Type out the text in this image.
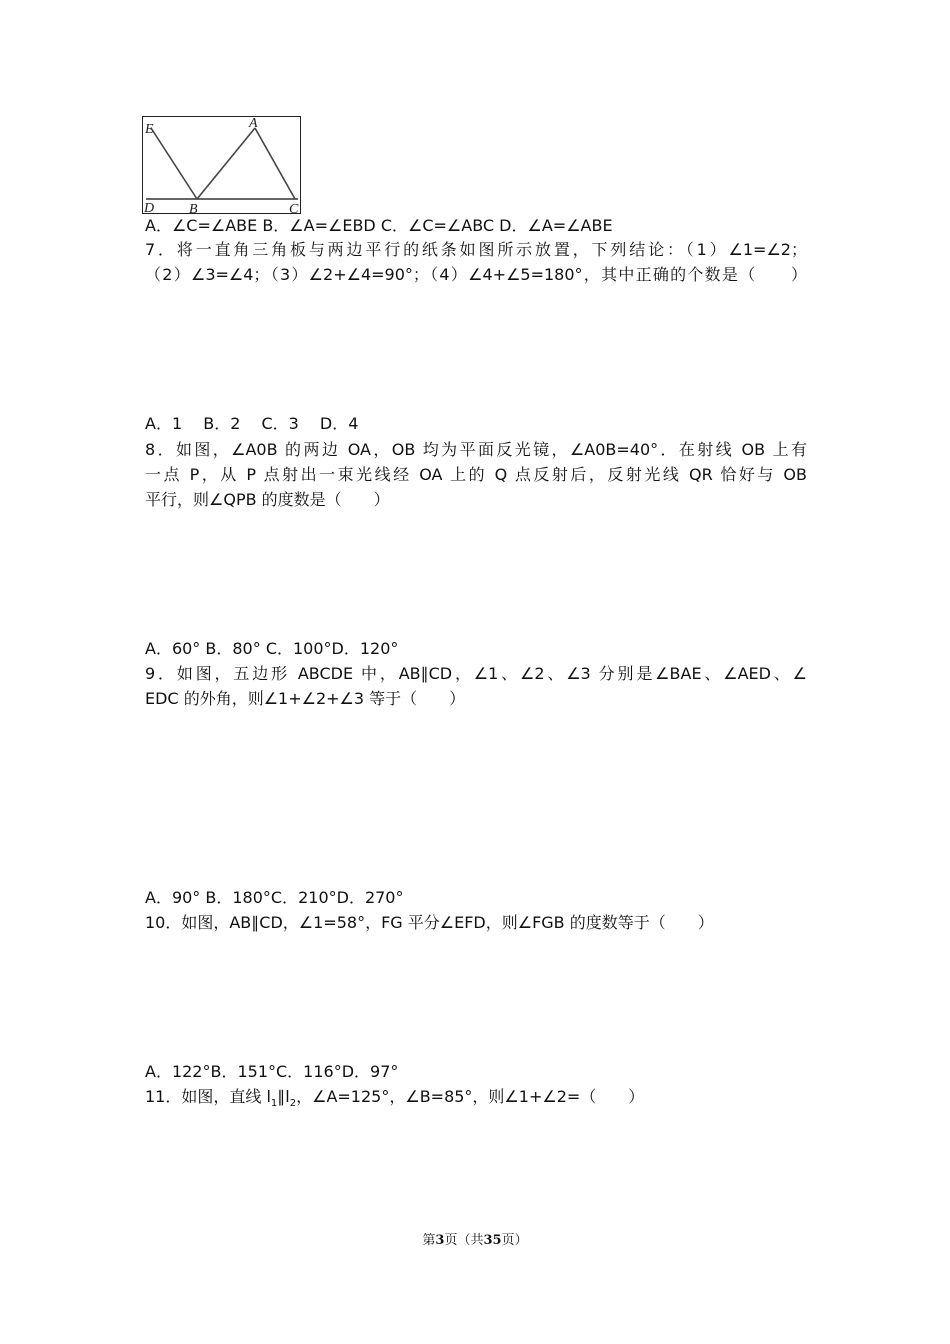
E	A
D B	C
A．∠C=∠ABE B．∠A=∠EBD C．∠C=∠ABC D．∠A=∠ABE
7．将一直角三角板与两边平行的纸条如图所示放置，下列结论：（1）∠1=∠2；
（2）∠3=∠4；（3）∠2+∠4=90°；（4）∠4+∠5=180°，其中正确的个数是（　　）
A．1　 B．2　 C．3　 D．4
8．如图，∠A0B 的两边 OA，OB 均为平面反光镜，∠A0B=40°．在射线 OB 上有
一点 P，从 P 点射出一束光线经 OA 上的 Q 点反射后，反射光线 QR 恰好与 OB
平行，则∠QPB 的度数是（　　）
A．60° B．80° C．100°D．120°
9．如图，五边形 ABCDE 中，AB∥CD，∠1、∠2、∠3 分别是∠BAE、∠AED、∠
EDC 的外角，则∠1+∠2+∠3 等于（　　）
A．90° B．180°C．210°D．270°
10．如图，AB∥CD，∠1=58°，FG 平分∠EFD，则∠FGB 的度数等于（　　）
A．122°B．151°C．116°D．97°
11．如图，直线 $l_1\parallel l_2$，∠A=125°，∠B=85°，则∠1+∠2=（　　）
第3页（共35页）
